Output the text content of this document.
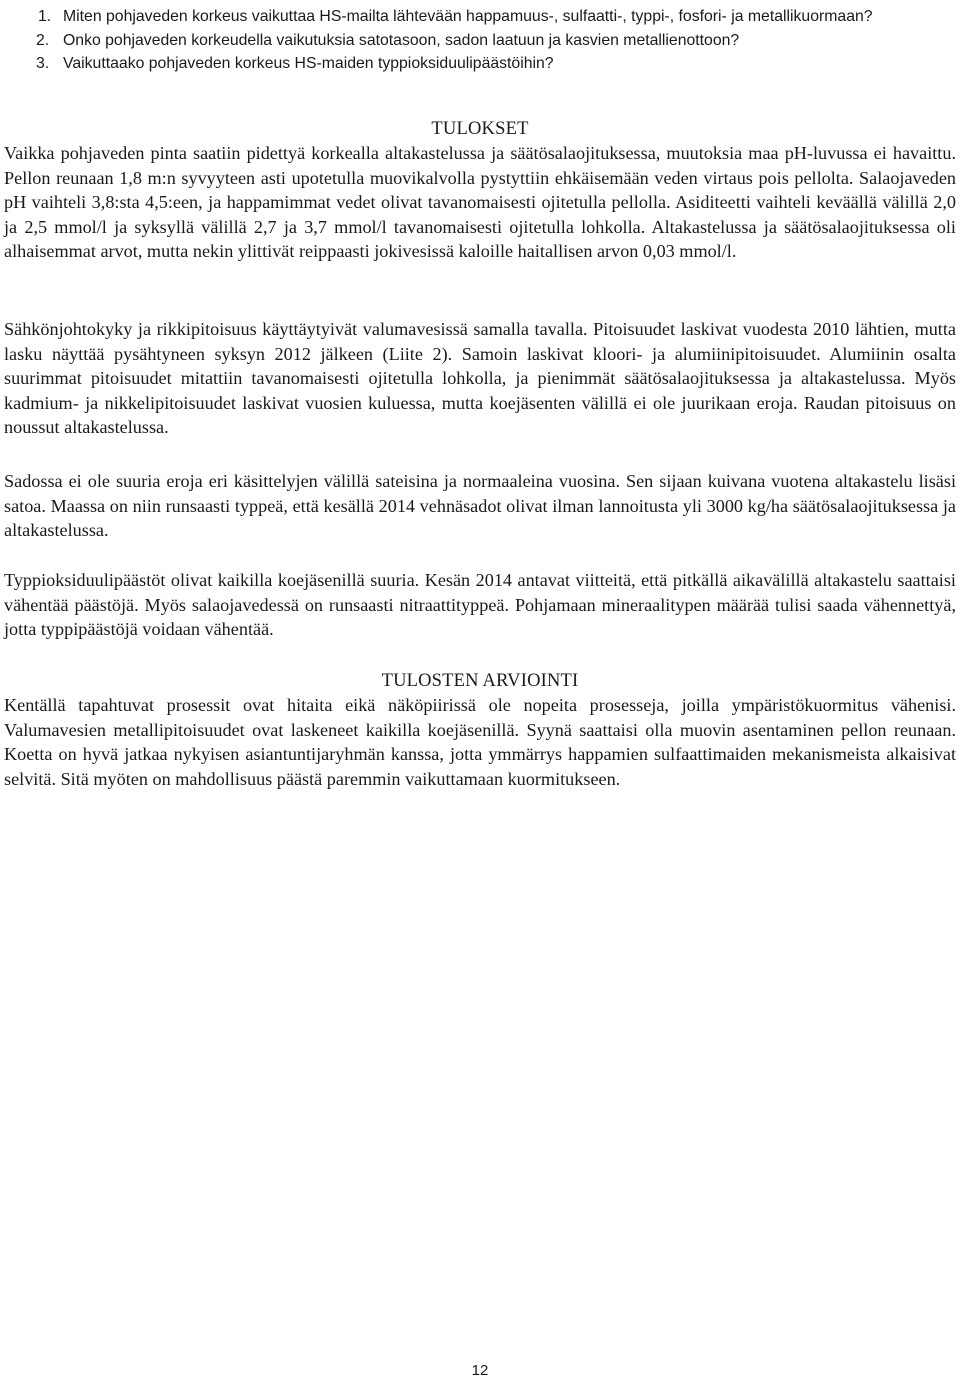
1. Miten pohjaveden korkeus vaikuttaa HS-mailta lähtevään happamuus-, sulfaatti-, typpi-, fosfori- ja metallikuormaan?
2. Onko pohjaveden korkeudella vaikutuksia satotasoon, sadon laatuun ja kasvien metallienottoon?
3. Vaikuttaako pohjaveden korkeus HS-maiden typpioksiduulipäästöihin?
TULOKSET

Vaikka pohjaveden pinta saatiin pidettyä korkealla altakastelussa ja säätösalaojituksessa, muutoksia maa pH-luvussa ei havaittu. Pellon reunaan 1,8 m:n syvyyteen asti upotetulla muovikalvolla pystyttiin ehkäisemään veden virtaus pois pellolta. Salaojaveden pH vaihteli 3,8:sta 4,5:een, ja happamimmat vedet olivat tavanomaisesti ojitetulla pellolla. Asiditeetti vaihteli keväällä välillä 2,0 ja 2,5 mmol/l ja syksyllä välillä 2,7 ja 3,7 mmol/l tavanomaisesti ojitetulla lohkolla. Altakastelussa ja säätösalaojituksessa oli alhaisemmat arvot, mutta nekin ylittivät reippaasti jokivesissä kaloille haitallisen arvon 0,03 mmol/l.

Sähkönjohtokyky ja rikkipitoisuus käyttäytyivät valumavesissä samalla tavalla. Pitoisuudet laskivat vuodesta 2010 lähtien, mutta lasku näyttää pysähtyneen syksyn 2012 jälkeen (Liite 2). Samoin laskivat kloori- ja alumiinipitoisuudet. Alumiinin osalta suurimmat pitoisuudet mitattiin tavanomaisesti ojitetulla lohkolla, ja pienimmät säätösalaojituksessa ja altakastelussa. Myös kadmium- ja nikkelipitoisuudet laskivat vuosien kuluessa, mutta koejäsenten välillä ei ole juurikaan eroja. Raudan pitoisuus on noussut altakastelussa.

Sadossa ei ole suuria eroja eri käsittelyjen välillä sateisina ja normaaleina vuosina. Sen sijaan kuivana vuotena altakastelu lisäsi satoa. Maassa on niin runsaasti typpeä, että kesällä 2014 vehnäsadot olivat ilman lannoitusta yli 3000 kg/ha säätösalaojituksessa ja altakastelussa.

Typpioksiduulipäästöt olivat kaikilla koejäsenillä suuria. Kesän 2014 antavat viitteitä, että pitkällä aikavälillä altakastelu saattaisi vähentää päästöjä. Myös salaojavedessä on runsaasti nitraattityppeä. Pohjamaan mineraalitypen määrää tulisi saada vähennettyä, jotta typpipäästöjä voidaan vähentää.

TULOSTEN ARVIOINTI

Kentällä tapahtuvat prosessit ovat hitaita eikä näköpiirissä ole nopeita prosesseja, joilla ympäristökuormitus vähenisi. Valumavesien metallipitoisuudet ovat laskeneet kaikilla koejäsenillä. Syynä saattaisi olla muovin asentaminen pellon reunaan. Koetta on hyvä jatkaa nykyisen asiantuntijaryhmän kanssa, jotta ymmärrys happamien sulfaattimaiden mekanismeista alkaisivat selvitä. Sitä myöten on mahdollisuus päästä paremmin vaikuttamaan kuormitukseen.

12
